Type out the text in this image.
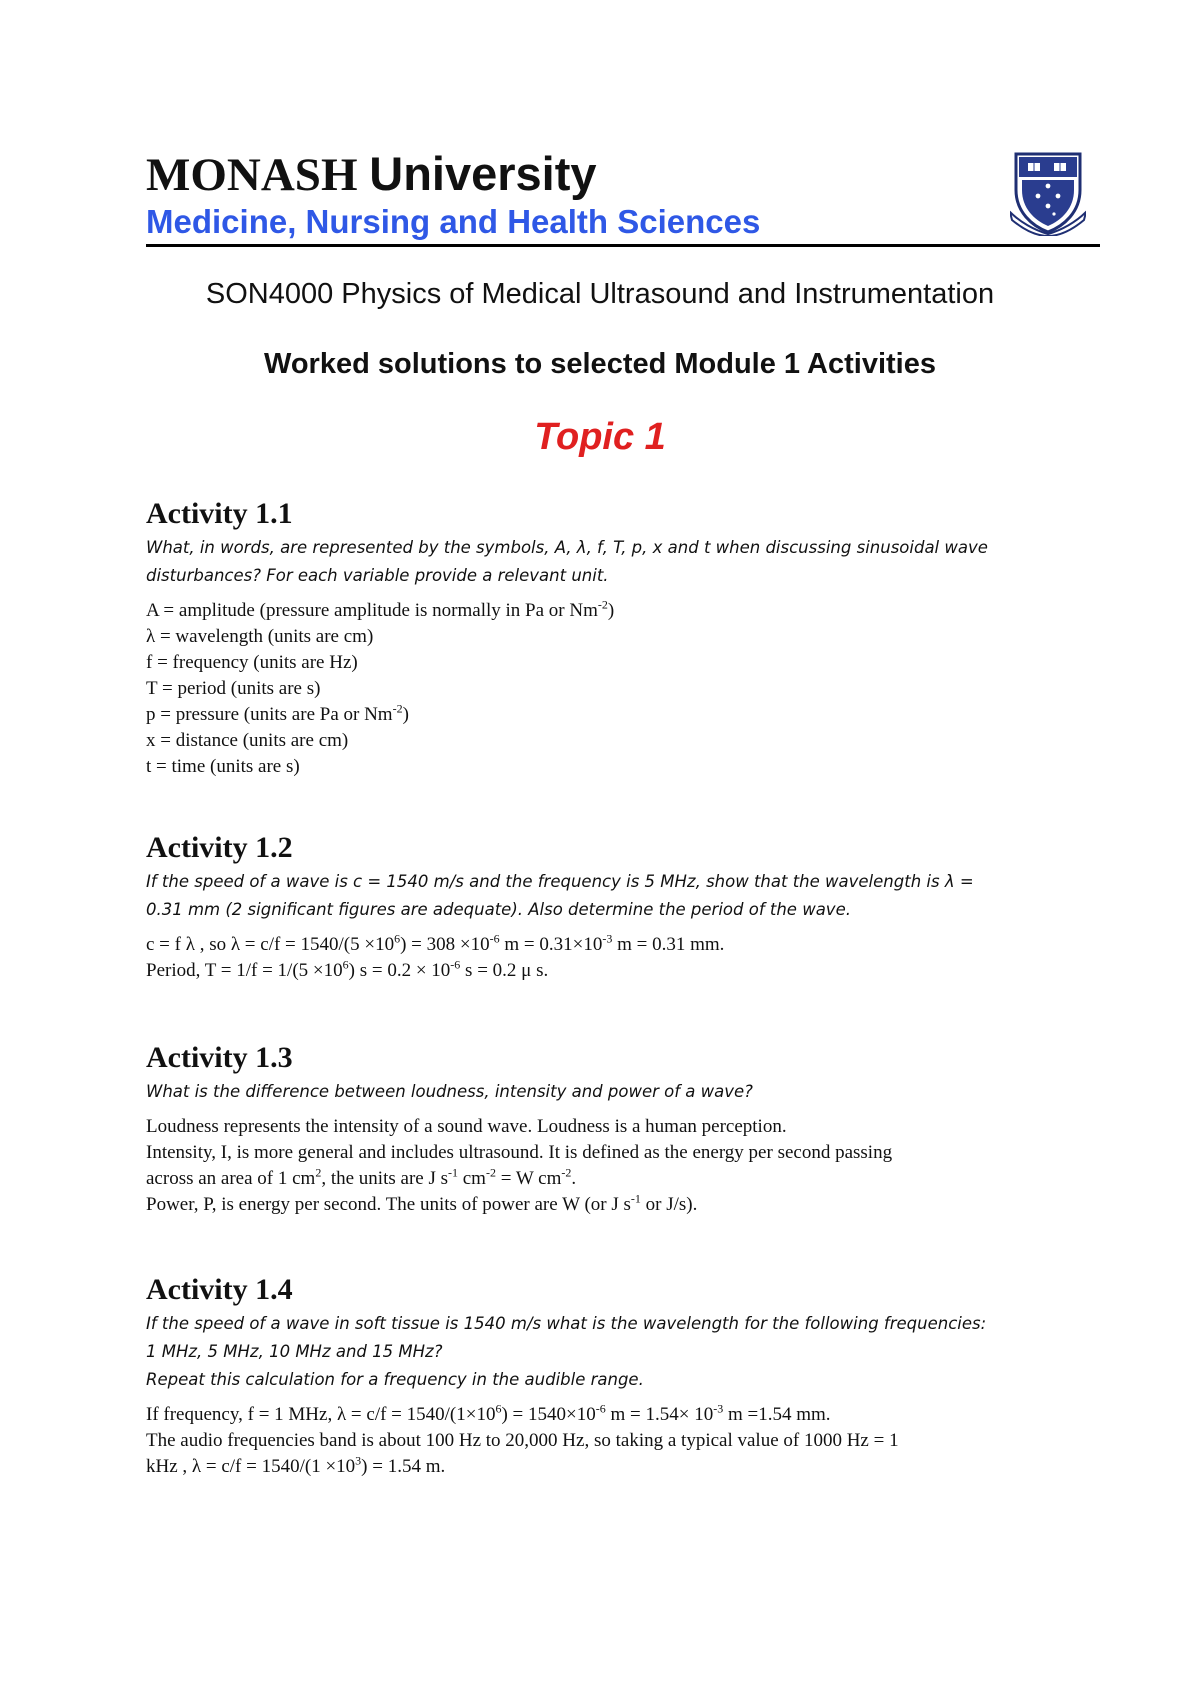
MONASH University
Medicine, Nursing and Health Sciences
SON4000 Physics of Medical Ultrasound and Instrumentation
Worked solutions to selected Module 1 Activities
Topic 1
Activity 1.1
What, in words, are represented by the symbols, A, λ, f, T, p, x and t when discussing sinusoidal wave
disturbances? For each variable provide a relevant unit.
A = amplitude (pressure amplitude is normally in Pa or $Nm^{-2}$)
λ = wavelength (units are cm)
f = frequency (units are Hz)
T = period (units are s)
p = pressure (units are Pa or $Nm^{-2}$)
x = distance (units are cm)
t = time (units are s)
Activity 1.2
If the speed of a wave is c = 1540 m/s and the frequency is 5 MHz, show that the wavelength is λ =
0.31 mm (2 significant figures are adequate). Also determine the period of the wave.
c = f λ , so $\lambda = c/f = 1540/(5 \times 10^6) = 308 \times 10^{-6}$ $m = 0.31\times 10^{-3}$ m = 0.31 mm.
Period, $T = 1/f = 1/(5 \times 10^6)$ $s = 0.2 \times 10^{-6}$ s = 0.2 μ s.
Activity 1.3
What is the difference between loudness, intensity and power of a wave?
Loudness represents the intensity of a sound wave. Loudness is a human perception.
Intensity, I, is more general and includes ultrasound. It is defined as the energy per second passing
across an area of 1 $cm^2$, the units are J $s^{-1}$ $cm^{-2} = W$ $cm^{-2}$.
Power, P, is energy per second. The units of power are W (or J $s^{-1}$ or J/s).
Activity 1.4
If the speed of a wave in soft tissue is 1540 m/s what is the wavelength for the following frequencies:
1 MHz, 5 MHz, 10 MHz and 15 MHz?
Repeat this calculation for a frequency in the audible range.
If frequency, f = 1 MHz, $\lambda = c/f = 1540/(1\times 10^6) = 1540\times 10^{-6}$ $m = 1.54\times 10^{-3}$ m =1.54 mm.
The audio frequencies band is about 100 Hz to 20,000 Hz, so taking a typical value of 1000 Hz = 1
kHz , $\lambda = c/f = 1540/(1 \times 10^3) = 1.54$ m.
